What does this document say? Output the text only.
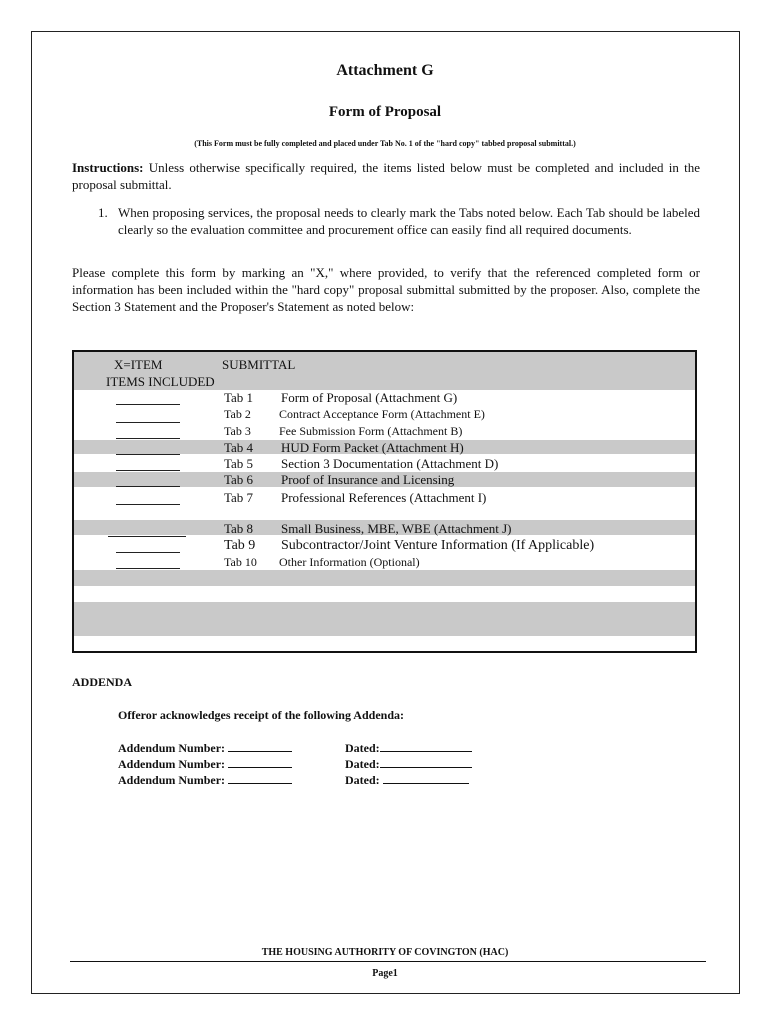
Attachment G
Form of Proposal
(This Form must be fully completed and placed under Tab No. 1 of the "hard copy" tabbed proposal submittal.)
Instructions: Unless otherwise specifically required, the items listed below must be completed and included in the proposal submittal.
1. When proposing services, the proposal needs to clearly mark the Tabs noted below. Each Tab should be labeled clearly so the evaluation committee and procurement office can easily find all required documents.
Please complete this form by marking an "X," where provided, to verify that the referenced completed form or information has been included within the "hard copy" proposal submittal submitted by the proposer. Also, complete the Section 3 Statement and the Proposer's Statement as noted below:
X=ITEM	SUBMITTAL
ITEMS INCLUDED
Tab 1 Form of Proposal (Attachment G)
Tab 2 Contract Acceptance Form (Attachment E)
Tab 3 Fee Submission Form (Attachment B)
Tab 4 HUD Form Packet (Attachment H)
Tab 5 Section 3 Documentation (Attachment D)
Tab 6 Proof of Insurance and Licensing
Tab 7 Professional References (Attachment I)
Tab 8 Small Business, MBE, WBE (Attachment J)
Tab 9 Subcontractor/Joint Venture Information (If Applicable)
Tab 10 Other Information (Optional)
ADDENDA
Offeror acknowledges receipt of the following Addenda:
Addendum Number:	Dated:
Addendum Number:	Dated:
Addendum Number:	Dated:
THE HOUSING AUTHORITY OF COVINGTON (HAC)
Page1
